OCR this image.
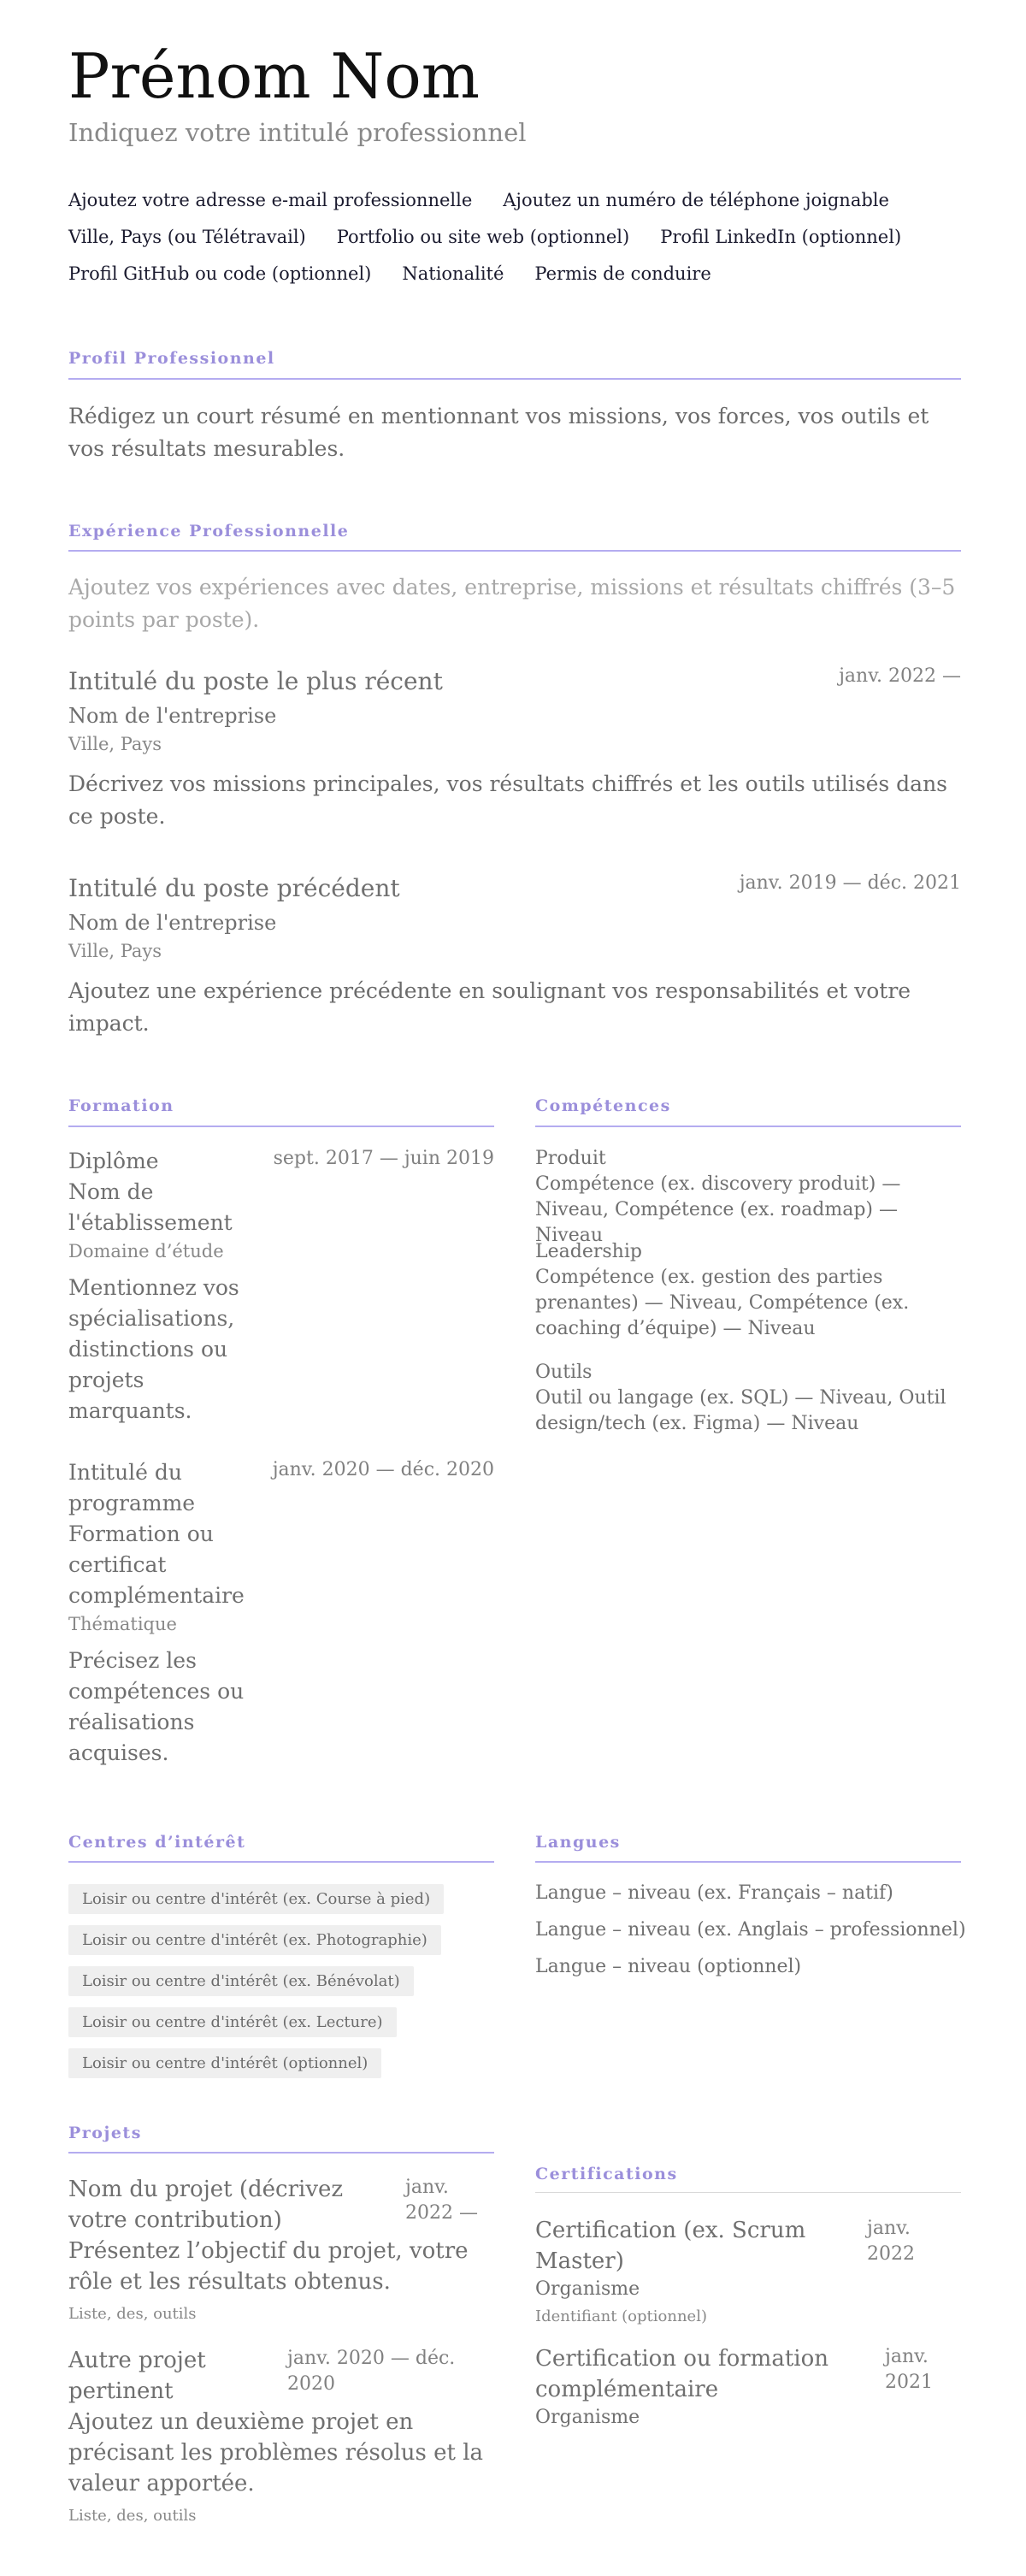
Prénom Nom
Indiquez votre intitulé professionnel
Ajoutez votre adresse e-mail professionnelle Ajoutez un numéro de téléphone joignable
Ville, Pays (ou Télétravail) Portfolio ou site web (optionnel) Profil LinkedIn (optionnel)
Profil GitHub ou code (optionnel) Nationalité Permis de conduire
Profil Professionnel
Rédigez un court résumé en mentionnant vos missions, vos forces, vos outils et vos résultats mesurables.
Expérience Professionnelle
Ajoutez vos expériences avec dates, entreprise, missions et résultats chiffrés (3–5 points par poste).
Intitulé du poste le plus récent	janv. 2022 —
Nom de l'entreprise
Ville, Pays
Décrivez vos missions principales, vos résultats chiffrés et les outils utilisés dans ce poste.
Intitulé du poste précédent	janv. 2019 — déc. 2021
Nom de l'entreprise
Ville, Pays
Ajoutez une expérience précédente en soulignant vos responsabilités et votre impact.
Formation
Diplôme
Nom de l'établissement
Domaine d’étude
Mentionnez vos spécialisations, distinctions ou projets marquants.
sept. 2017 — juin 2019
Intitulé du programme
Formation ou certificat complémentaire
Thématique
Précisez les compétences ou réalisations acquises.
janv. 2020 — déc. 2020
Compétences
Produit
Compétence (ex. discovery produit) — Niveau, Compétence (ex. roadmap) — Niveau
Leadership
Compétence (ex. gestion des parties prenantes) — Niveau, Compétence (ex. coaching d’équipe) — Niveau
Outils
Outil ou langage (ex. SQL) — Niveau, Outil design/tech (ex. Figma) — Niveau
Centres d’intérêt
Loisir ou centre d'intérêt (ex. Course à pied)
Loisir ou centre d'intérêt (ex. Photographie)
Loisir ou centre d'intérêt (ex. Bénévolat)
Loisir ou centre d'intérêt (ex. Lecture)
Loisir ou centre d'intérêt (optionnel)
Langues
Langue – niveau (ex. Français – natif)
Langue – niveau (ex. Anglais – professionnel)
Langue – niveau (optionnel)
Projets
Nom du projet (décrivez votre contribution)
janv. 2022 —
Présentez l’objectif du projet, votre rôle et les résultats obtenus.
Liste, des, outils
Autre projet pertinent
janv. 2020 — déc. 2020
Ajoutez un deuxième projet en précisant les problèmes résolus et la valeur apportée.
Liste, des, outils
Certifications
Certification (ex. Scrum Master)
janv. 2022
Organisme
Identifiant (optionnel)
Certification ou formation complémentaire
janv. 2021
Organisme
